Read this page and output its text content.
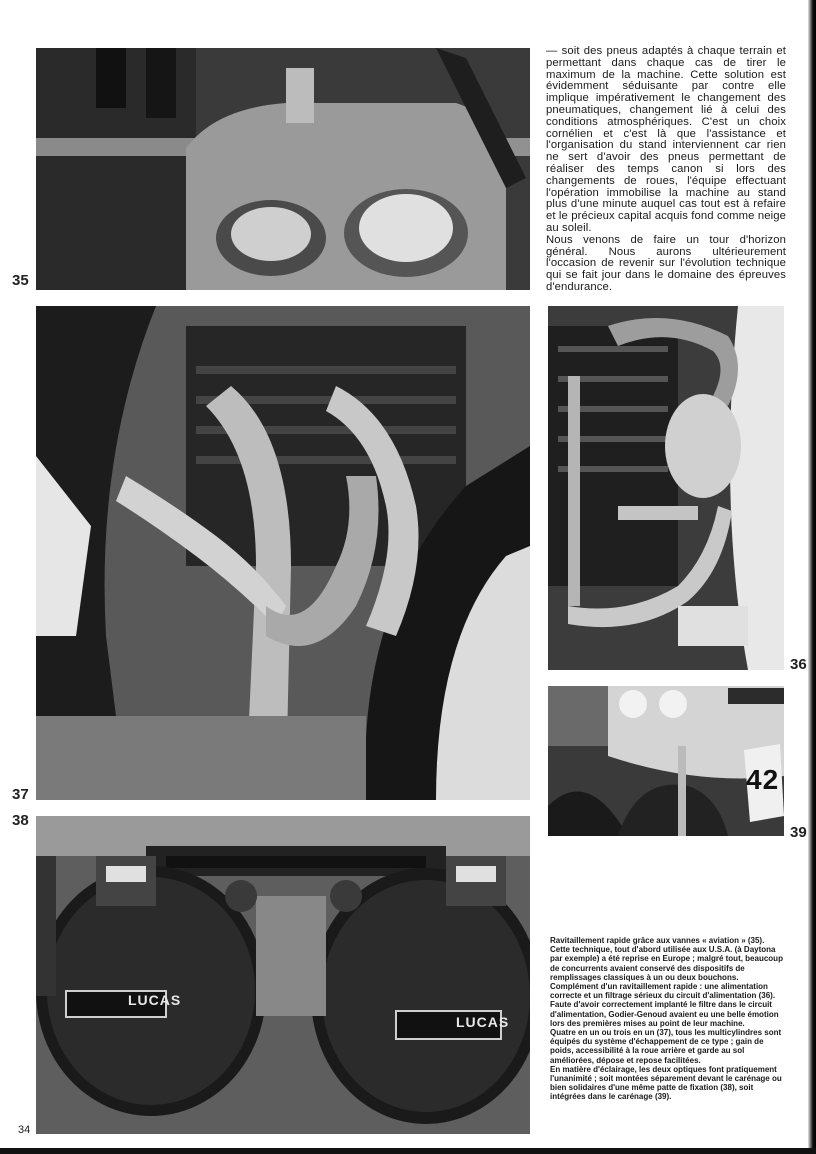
35

— soit des pneus adaptés à chaque terrain et permettant dans chaque cas de tirer le maximum de la machine. Cette solution est évidemment séduisante par contre elle implique impérativement le changement des pneumatiques, changement lié à celui des conditions atmosphériques. C'est un choix cornélien et c'est là que l'assistance et l'organisation du stand interviennent car rien ne sert d'avoir des pneus permettant de réaliser des temps canon si lors des changements de roues, l'équipe effectuant l'opération immobilise la machine au stand plus d'une minute auquel cas tout est à refaire et le précieux capital acquis fond comme neige au soleil.

Nous venons de faire un tour d'horizon général. Nous aurons ultérieurement l'occasion de revenir sur l'évolution technique qui se fait jour dans le domaine des épreuves d'endurance.

37
36
42
39
38
LUCAS
LUCAS

Ravitaillement rapide grâce aux vannes « aviation » (35). Cette technique, tout d'abord utilisée aux U.S.A. (à Daytona par exemple) a été reprise en Europe ; malgré tout, beaucoup de concurrents avaient conservé des dispositifs de remplissages classiques à un ou deux bouchons.

Complément d'un ravitaillement rapide : une alimentation correcte et un filtrage sérieux du circuit d'alimentation (36). Faute d'avoir correctement implanté le filtre dans le circuit d'alimentation, Godier-Genoud avaient eu une belle émotion lors des premières mises au point de leur machine.

Quatre en un ou trois en un (37), tous les multicylindres sont équipés du système d'échappement de ce type ; gain de poids, accessibilité à la roue arrière et garde au sol améliorées, dépose et repose facilitées.

En matière d'éclairage, les deux optiques font pratiquement l'unanimité ; soit montées séparement devant le carénage ou bien solidaires d'une même patte de fixation (38), soit intégrées dans le carénage (39).

34
